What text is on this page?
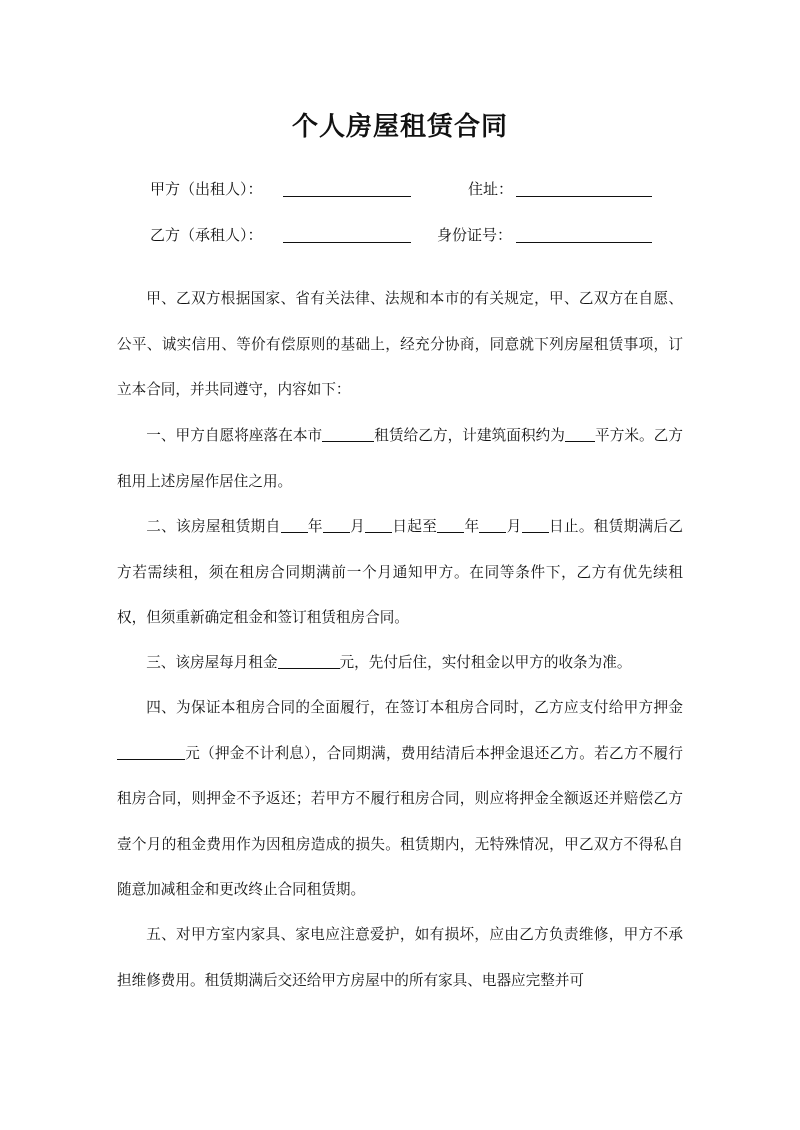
个人房屋租赁合同
甲方（出租人）：	住址：
乙方（承租人）：	身份证号：

甲、乙双方根据国家、省有关法律、法规和本市的有关规定，甲、乙双方在自愿、公平、诚实信用、等价有偿原则的基础上，经充分协商，同意就下列房屋租赁事项，订立本合同，并共同遵守，内容如下：

一、甲方自愿将座落在本市	租赁给乙方，计建筑面积约为 平方米。乙方租用上述房屋作居住之用。

二、该房屋租赁期自 年 月 日起至 年 月 日止。租赁期满后乙方若需续租，须在租房合同期满前一个月通知甲方。在同等条件下，乙方有优先续租权，但须重新确定租金和签订租赁租房合同。

三、该房屋每月租金	元，先付后住，实付租金以甲方的收条为准。

四、为保证本租房合同的全面履行，在签订本租房合同时，乙方应支付给甲方押金元（押金不计利息），合同期满，费用结清后本押金退还乙方。若乙方不履行租房合同，则押金不予返还；若甲方不履行租房合同，则应将押金全额返还并赔偿乙方壹个月的租金费用作为因租房造成的损失。租赁期内，无特殊情况，甲乙双方不得私自随意加减租金和更改终止合同租赁期。

五、对甲方室内家具、家电应注意爱护，如有损坏，应由乙方负责维修，甲方不承担维修费用。租赁期满后交还给甲方房屋中的所有家具、电器应完整并可
